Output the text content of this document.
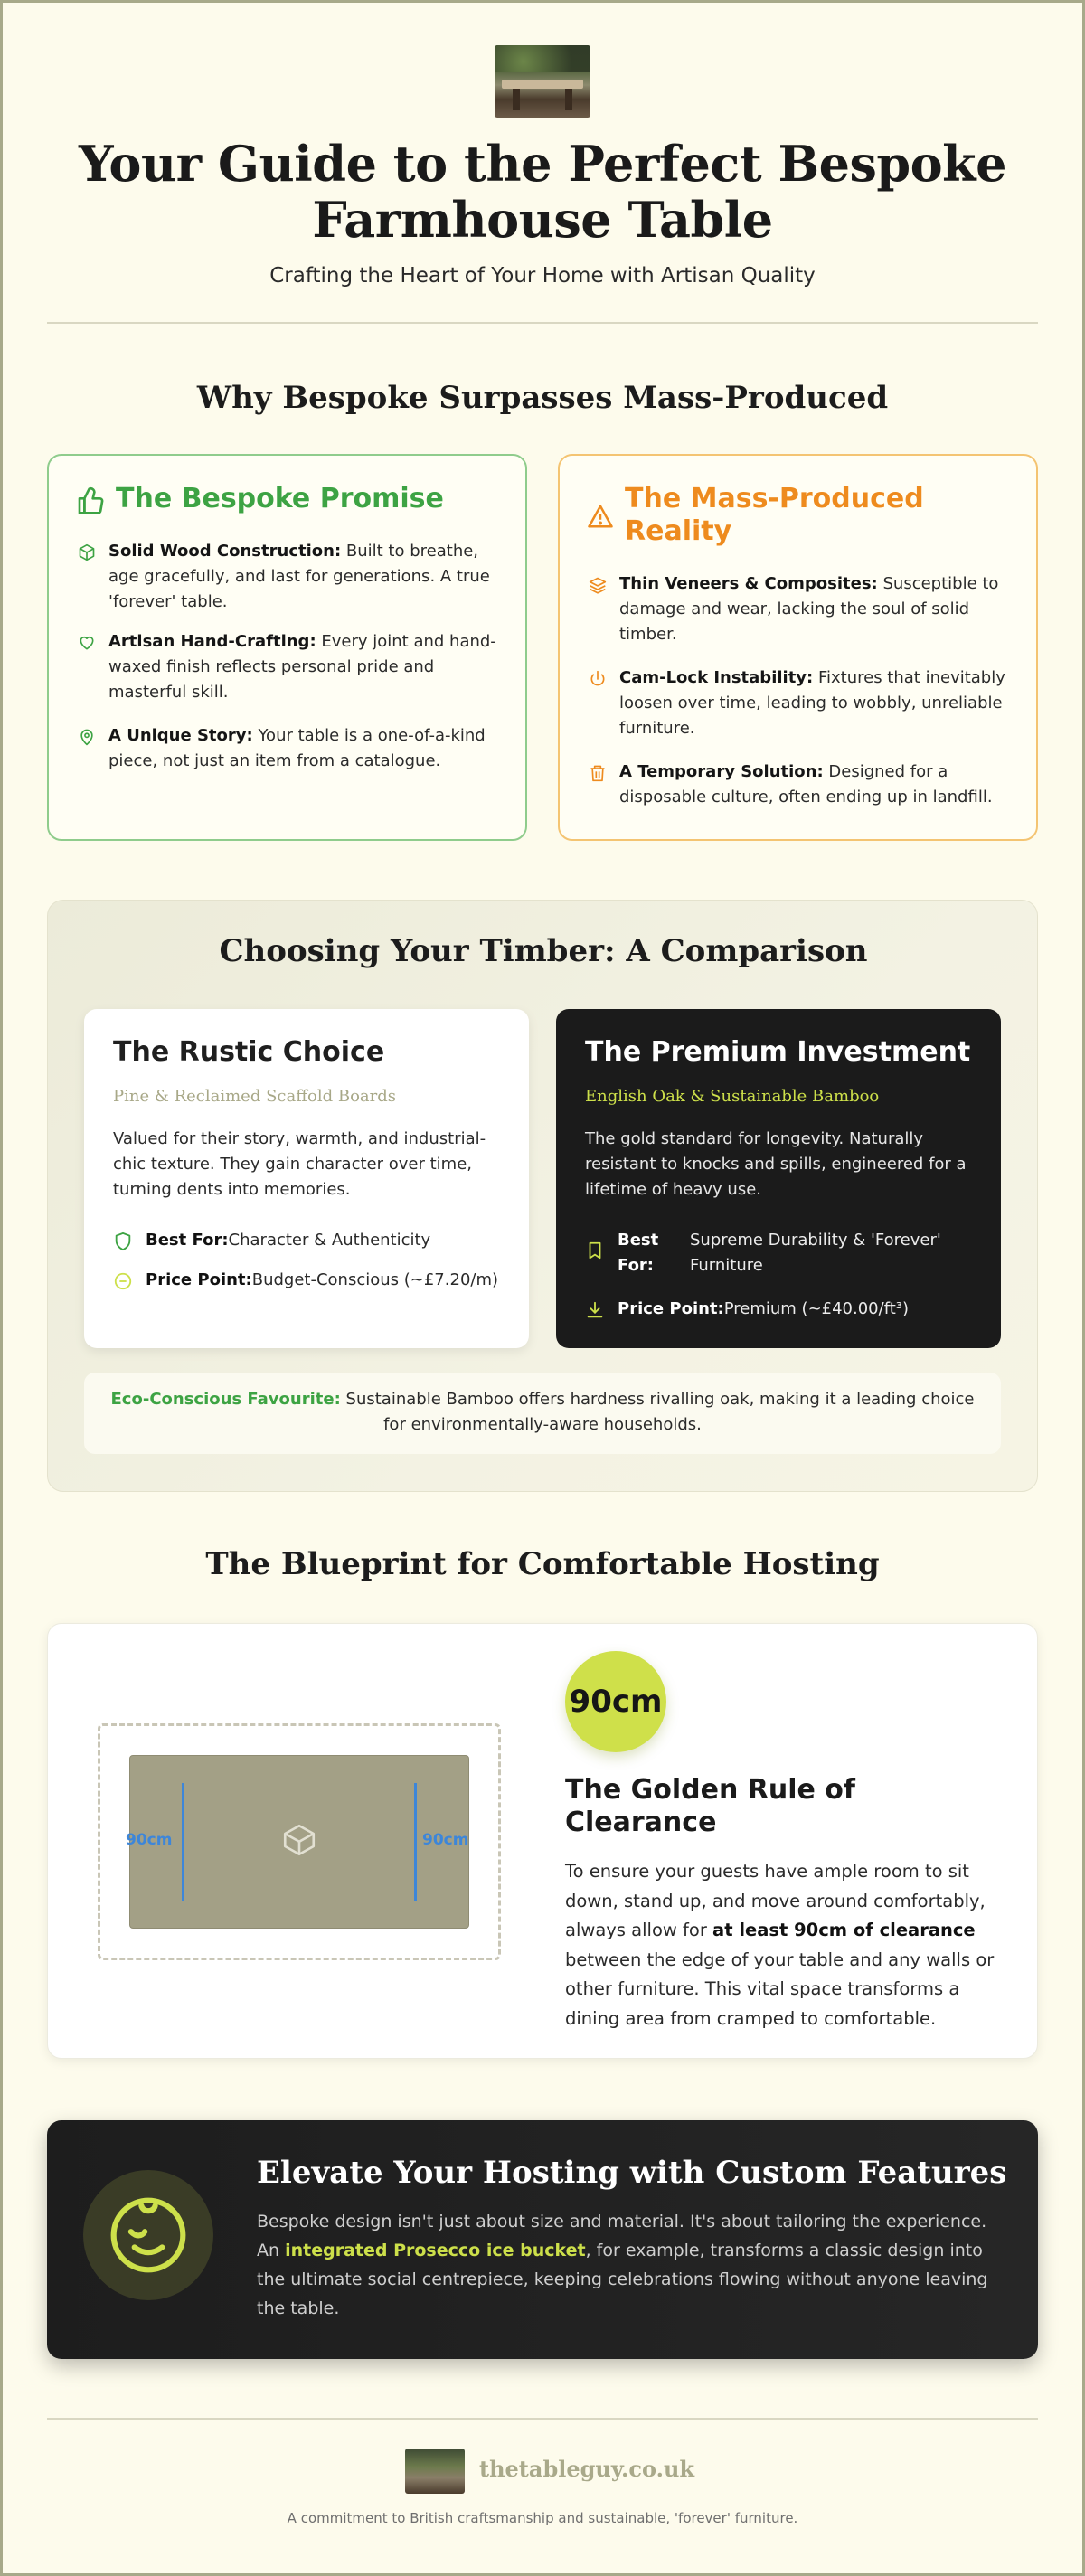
Your Guide to the Perfect Bespoke Farmhouse Table
Crafting the Heart of Your Home with Artisan Quality
Why Bespoke Surpasses Mass-Produced
The Bespoke Promise
Solid Wood Construction: Built to breathe, age gracefully, and last for generations. A true 'forever' table.
Artisan Hand-Crafting: Every joint and hand-waxed finish reflects personal pride and masterful skill.
A Unique Story: Your table is a one-of-a-kind piece, not just an item from a catalogue.
The Mass-Produced Reality
Thin Veneers & Composites: Susceptible to damage and wear, lacking the soul of solid timber.
Cam-Lock Instability: Fixtures that inevitably loosen over time, leading to wobbly, unreliable furniture.
A Temporary Solution: Designed for a disposable culture, often ending up in landfill.
Choosing Your Timber: A Comparison
The Rustic Choice
Pine & Reclaimed Scaffold Boards
Valued for their story, warmth, and industrial-chic texture. They gain character over time, turning dents into memories.
Best For:Character & Authenticity
Price Point:Budget-Conscious (~£7.20/m)
The Premium Investment
English Oak & Sustainable Bamboo
The gold standard for longevity. Naturally resistant to knocks and spills, engineered for a lifetime of heavy use.
Best For:
Supreme Durability & 'Forever' Furniture
Price Point:Premium (~£40.00/ft³)
Eco-Conscious Favourite: Sustainable Bamboo offers hardness rivalling oak, making it a leading choice for environmentally-aware households.
The Blueprint for Comfortable Hosting
90cm	90cm
90cm
The Golden Rule of Clearance
To ensure your guests have ample room to sit down, stand up, and move around comfortably, always allow for at least 90cm of clearance between the edge of your table and any walls or other furniture. This vital space transforms a dining area from cramped to comfortable.
Elevate Your Hosting with Custom Features
Bespoke design isn't just about size and material. It's about tailoring the experience. An integrated Prosecco ice bucket, for example, transforms a classic design into the ultimate social centrepiece, keeping celebrations flowing without anyone leaving the table.
thetableguy.co.uk
A commitment to British craftsmanship and sustainable, 'forever' furniture.
